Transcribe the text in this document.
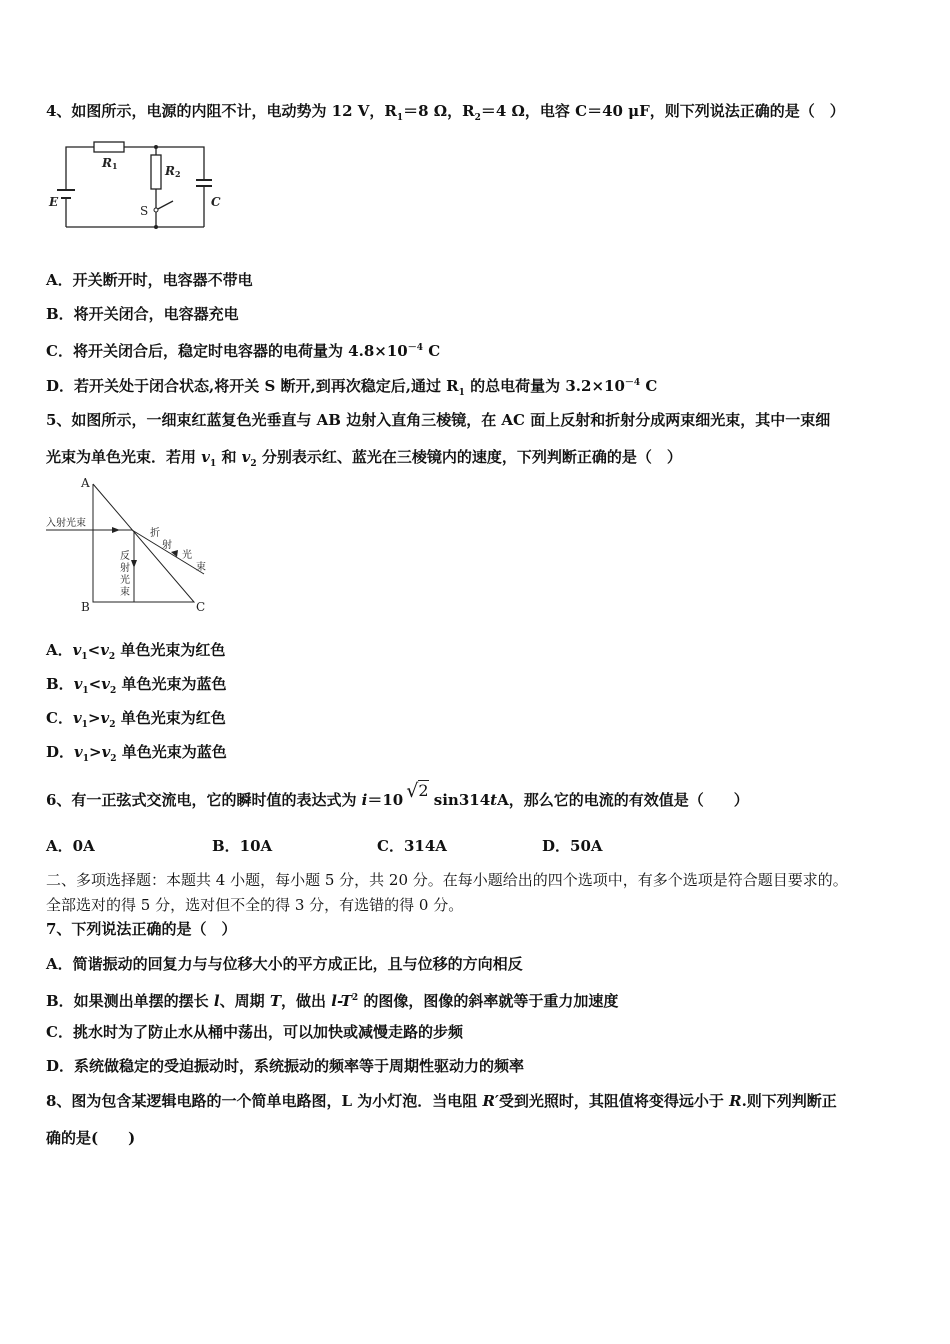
4、如图所示，电源的内阻不计，电动势为 12 V，$R_1=8$ Ω，$R_2=4$ Ω，电容 C＝40 μF，则下列说法正确的是（　）
R1	R2
E
S
C
A．开关断开时，电容器不带电
B．将开关闭合，电容器充电
C．将开关闭合后，稳定时电容器的电荷量为 $4.8\times 10^{-4}$ C
D．若开关处于闭合状态,将开关 S 断开,到再次稳定后,通过 $R_1$ 的总电荷量为 $3.2\times 10^{-4}$ C
5、如图所示，一细束红蓝复色光垂直与 AB 边射入直角三棱镜，在 AC 面上反射和折射分成两束细光束，其中一束细
光束为单色光束．若用 $v_1$ 和 $v_2$ 分别表示红、蓝光在三棱镜内的速度，下列判断正确的是（　）
A
B	C
入射光束
折
射
光
束
反
射
光
束
A．$v_1<v_2$ 单色光束为红色
B．$v_1<v_2$ 单色光束为蓝色
C．$v_1>v_2$ 单色光束为红色
D．$v_1>v_2$ 单色光束为蓝色
6、有一正弦式交流电，它的瞬时值的表达式为 i＝10 √2 sin314tA，那么它的电流的有效值是（　　）
A．0A	B．10A	C．314A	D．50A
二、多项选择题：本题共 4 小题，每小题 5 分，共 20 分。在每小题给出的四个选项中，有多个选项是符合题目要求的。
全部选对的得 5 分，选对但不全的得 3 分，有选错的得 0 分。
7、下列说法正确的是（　）
A．简谐振动的回复力与与位移大小的平方成正比，且与位移的方向相反
B．如果测出单摆的摆长 l、周期 T，做出 $l-T^2$ 的图像，图像的斜率就等于重力加速度
C．挑水时为了防止水从桶中荡出，可以加快或减慢走路的步频
D．系统做稳定的受迫振动时，系统振动的频率等于周期性驱动力的频率
8、图为包含某逻辑电路的一个简单电路图，L 为小灯泡．当电阻 R′受到光照时，其阻值将变得远小于 R.则下列判断正
确的是(　　)
